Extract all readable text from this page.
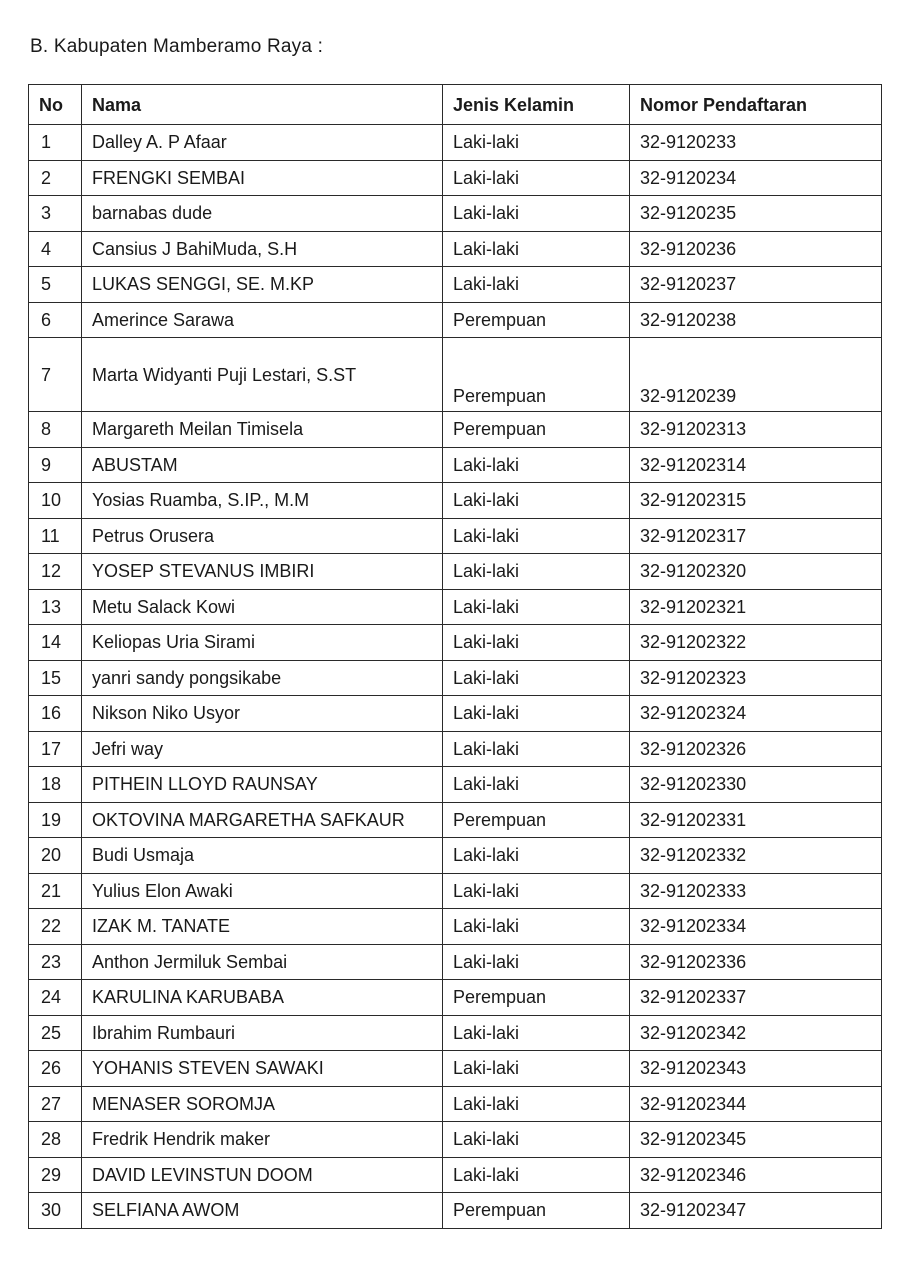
B. Kabupaten Mamberamo Raya :
No	Nama	Jenis Kelamin	Nomor Pendaftaran
1	Dalley A. P Afaar	Laki-laki	32-9120233
2	FRENGKI SEMBAI	Laki-laki	32-9120234
3	barnabas dude	Laki-laki	32-9120235
4	Cansius J BahiMuda, S.H	Laki-laki	32-9120236
5	LUKAS SENGGI, SE. M.KP	Laki-laki	32-9120237
6	Amerince Sarawa	Perempuan	32-9120238
7	Marta Widyanti Puji Lestari, S.ST	Perempuan	32-9120239
8	Margareth Meilan Timisela	Perempuan	32-91202313
9	ABUSTAM	Laki-laki	32-91202314
10	Yosias Ruamba, S.IP., M.M	Laki-laki	32-91202315
11	Petrus Orusera	Laki-laki	32-91202317
12	YOSEP STEVANUS IMBIRI	Laki-laki	32-91202320
13	Metu Salack Kowi	Laki-laki	32-91202321
14	Keliopas Uria Sirami	Laki-laki	32-91202322
15	yanri sandy pongsikabe	Laki-laki	32-91202323
16	Nikson Niko Usyor	Laki-laki	32-91202324
17	Jefri way	Laki-laki	32-91202326
18	PITHEIN LLOYD RAUNSAY	Laki-laki	32-91202330
19	OKTOVINA MARGARETHA SAFKAUR	Perempuan	32-91202331
20	Budi Usmaja	Laki-laki	32-91202332
21	Yulius Elon Awaki	Laki-laki	32-91202333
22	IZAK M. TANATE	Laki-laki	32-91202334
23	Anthon Jermiluk Sembai	Laki-laki	32-91202336
24	KARULINA KARUBABA	Perempuan	32-91202337
25	Ibrahim Rumbauri	Laki-laki	32-91202342
26	YOHANIS STEVEN SAWAKI	Laki-laki	32-91202343
27	MENASER SOROMJA	Laki-laki	32-91202344
28	Fredrik Hendrik maker	Laki-laki	32-91202345
29	DAVID LEVINSTUN DOOM	Laki-laki	32-91202346
30	SELFIANA AWOM	Perempuan	32-91202347
